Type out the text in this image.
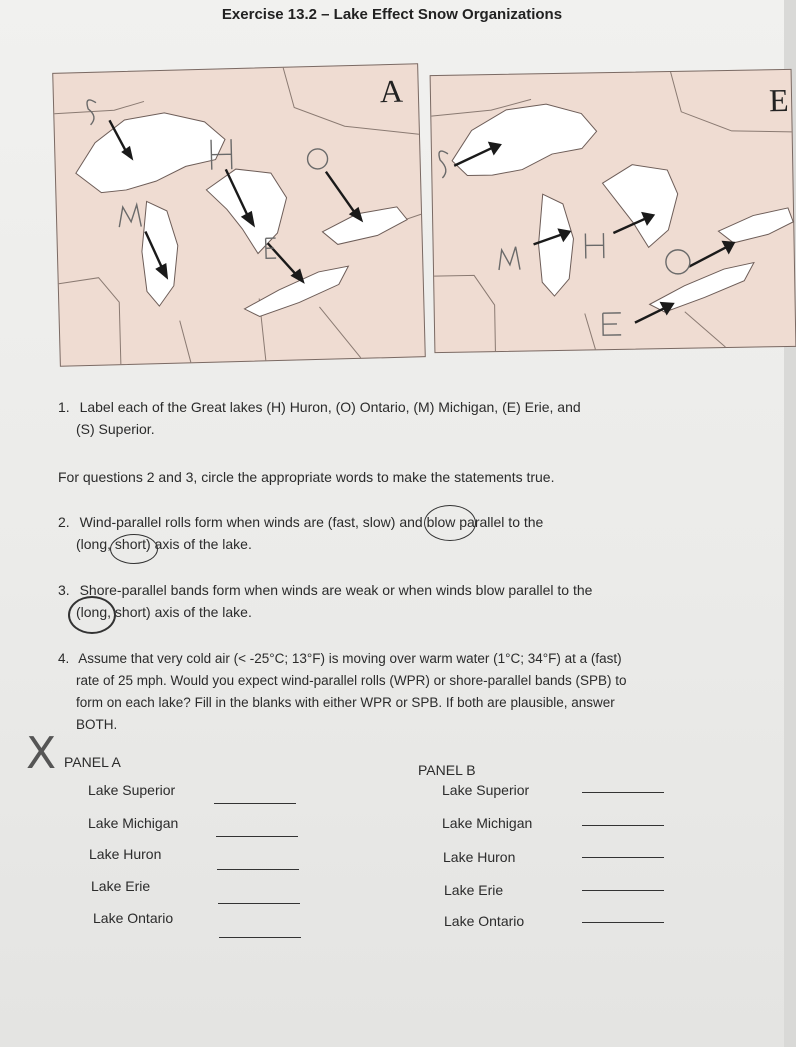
Exercise 13.2 – Lake Effect Snow Organizations
A	E
1. Label each of the Great lakes (H) Huron, (O) Ontario, (M) Michigan, (E) Erie, and
(S) Superior.
For questions 2 and 3, circle the appropriate words to make the statements true.
2. Wind-parallel rolls form when winds are (fast, slow) and blow parallel to the
(long, short) axis of the lake.
3. Shore-parallel bands form when winds are weak or when winds blow parallel to the
(long, short) axis of the lake.
4. Assume that very cold air (< -25°C; 13°F) is moving over warm water (1°C; 34°F) at a (fast)
rate of 25 mph. Would you expect wind-parallel rolls (WPR) or shore-parallel bands (SPB) to
form on each lake? Fill in the blanks with either WPR or SPB. If both are plausible, answer
BOTH.
X PANEL A
Lake Superior
Lake Michigan
Lake Huron
Lake Erie
Lake Ontario
PANEL B
Lake Superior
Lake Michigan
Lake Huron
Lake Erie
Lake Ontario
